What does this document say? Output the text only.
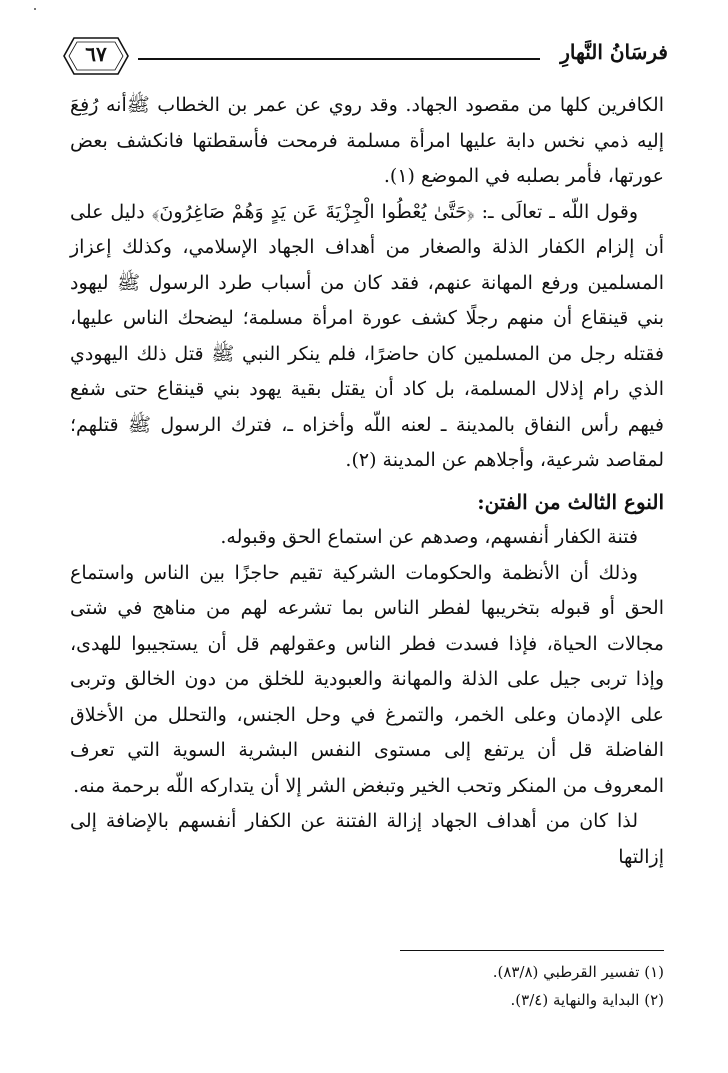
٦٧	فرسَانُ النَّهارِ

الكافرين كلها من مقصود الجهاد. وقد روي عن عمر بن الخطاب ﷺأنه رُفِعَ إليه ذمي نخس دابة عليها امرأة مسلمة فرمحت فأسقطتها فانكشف بعض عورتها، فأمر بصلبه في الموضع (١).

وقول اللّه ـ تعالَى ـ: ﴿حَتَّىٰ يُعْطُوا الْجِزْيَةَ عَن يَدٍ وَهُمْ صَاغِرُونَ﴾ دليل على أن إلزام الكفار الذلة والصغار من أهداف الجهاد الإسلامي، وكذلك إعزاز المسلمين ورفع المهانة عنهم، فقد كان من أسباب طرد الرسول ﷺ ليهود بني قينقاع أن منهم رجلًا كشف عورة امرأة مسلمة؛ ليضحك الناس عليها، فقتله رجل من المسلمين كان حاضرًا، فلم ينكر النبي ﷺ قتل ذلك اليهودي الذي رام إذلال المسلمة، بل كاد أن يقتل بقية يهود بني قينقاع حتى شفع فيهم رأس النفاق بالمدينة ـ لعنه اللّه وأخزاه ـ، فترك الرسول ﷺ قتلهم؛ لمقاصد شرعية، وأجلاهم عن المدينة (٢).

النوع الثالث من الفتن:

فتنة الكفار أنفسهم، وصدهم عن استماع الحق وقبوله.

وذلك أن الأنظمة والحكومات الشركية تقيم حاجزًا بين الناس واستماع الحق أو قبوله بتخريبها لفطر الناس بما تشرعه لهم من مناهج في شتى مجالات الحياة، فإذا فسدت فطر الناس وعقولهم قل أن يستجيبوا للهدى، وإذا تربى جيل على الذلة والمهانة والعبودية للخلق من دون الخالق وتربى على الإدمان وعلى الخمر، والتمرغ في وحل الجنس، والتحلل من الأخلاق الفاضلة قل أن يرتفع إلى مستوى النفس البشرية السوية التي تعرف المعروف من المنكر وتحب الخير وتبغض الشر إلا أن يتداركه اللّه برحمة منه.

لذا كان من أهداف الجهاد إزالة الفتنة عن الكفار أنفسهم بالإضافة إلى إزالتها

(١) تفسير القرطبي (٨٣/٨).

(٢) البداية والنهاية (٣/٤).
